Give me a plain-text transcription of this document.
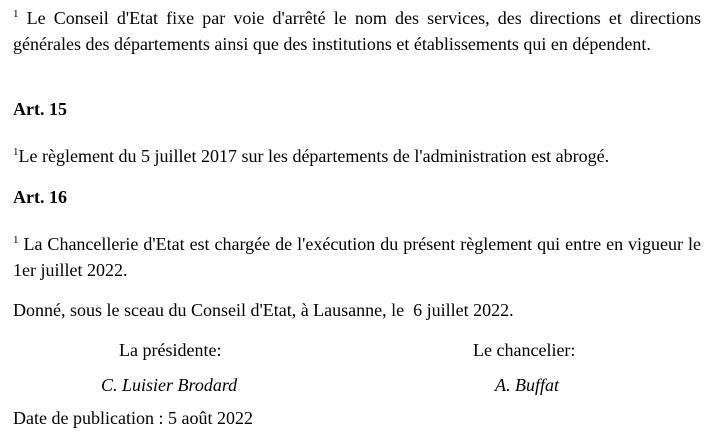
$^1$ Le Conseil d'Etat fixe par voie d'arrêté le nom des services, des directions et directions générales des départements ainsi que des institutions et établissements qui en dépendent.

Art. 15

$^1$Le règlement du 5 juillet 2017 sur les départements de l'administration est abrogé.

Art. 16

$^1$ La Chancellerie d'Etat est chargée de l'exécution du présent règlement qui entre en vigueur le 1er juillet 2022.

Donné, sous le sceau du Conseil d'Etat, à Lausanne, le  6 juillet 2022.

La présidente:	Le chancelier:

C. Luisier Brodard	A. Buffat

Date de publication : 5 août 2022
